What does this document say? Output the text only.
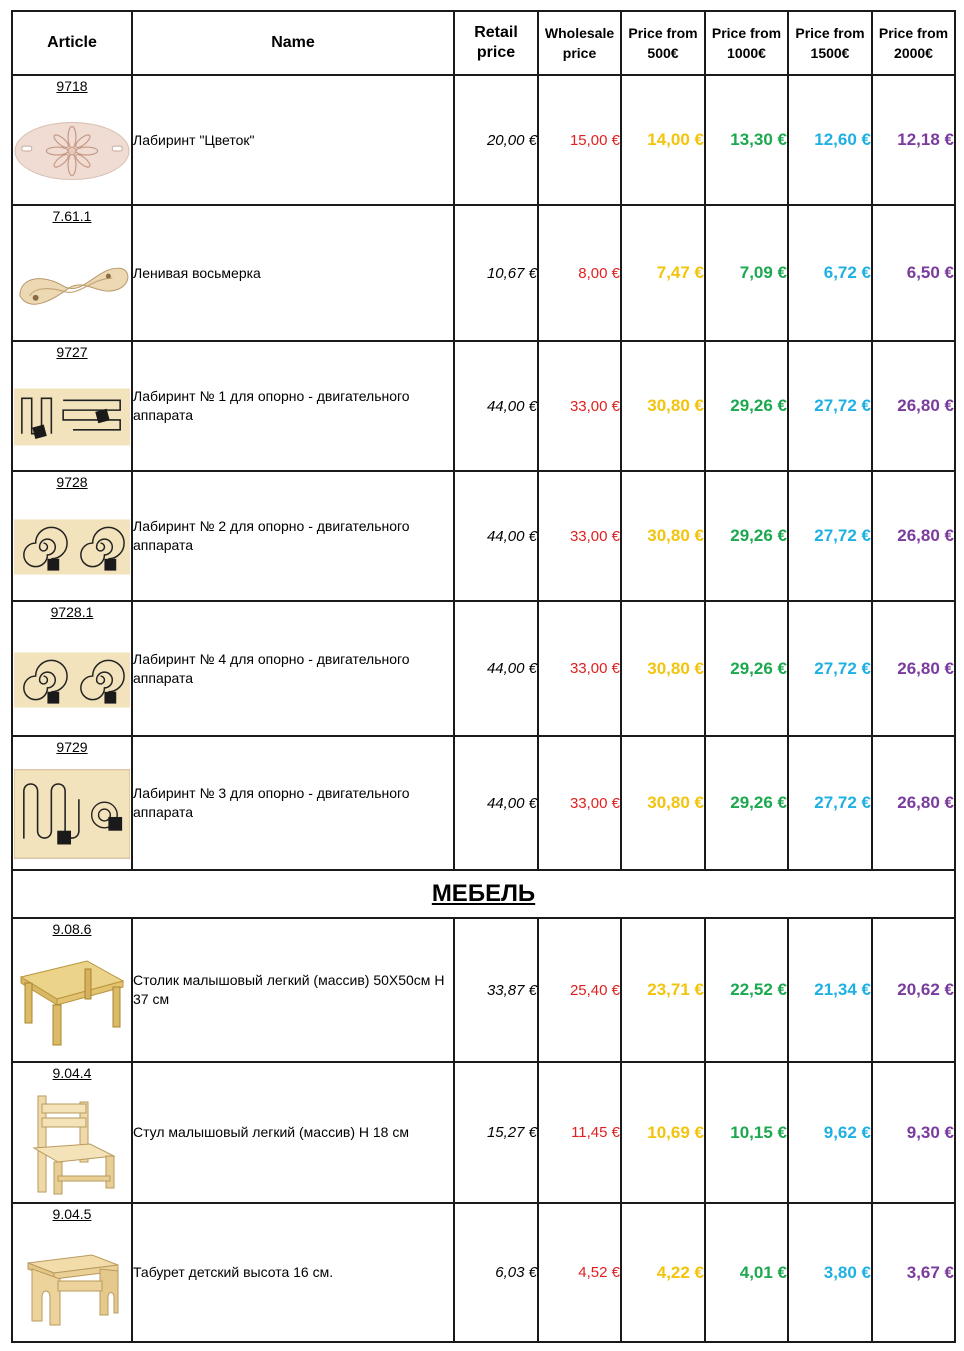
Article	Name	Retail price	Wholesale price	Price from 500€	Price from 1000€	Price from 1500€	Price from 2000€

9718	Лабиринт "Цветок"	20,00 €	15,00 €	14,00 €	13,30 €	12,60 €	12,18 €

7.61.1	Ленивая восьмерка	10,67 €	8,00 €	7,47 €	7,09 €	6,72 €	6,50 €

9727	Лабиринт № 1 для опорно - двигательного аппарата	44,00 €	33,00 €	30,80 €	29,26 €	27,72 €	26,80 €

9728	Лабиринт № 2 для опорно - двигательного аппарата	44,00 €	33,00 €	30,80 €	29,26 €	27,72 €	26,80 €

9728.1	Лабиринт № 4 для опорно - двигательного аппарата	44,00 €	33,00 €	30,80 €	29,26 €	27,72 €	26,80 €

9729	Лабиринт № 3 для опорно - двигательного аппарата	44,00 €	33,00 €	30,80 €	29,26 €	27,72 €	26,80 €
МЕБЕЛЬ							

9.08.6	Столик малышовый легкий (массив) 50Х50см Н 37 см	33,87 €	25,40 €	23,71 €	22,52 €	21,34 €	20,62 €

9.04.4	Стул малышовый легкий (массив) Н 18 см	15,27 €	11,45 €	10,69 €	10,15 €	9,62 €	9,30 €

9.04.5	Табурет детский высота 16 см.	6,03 €	4,52 €	4,22 €	4,01 €	3,80 €	3,67 €
